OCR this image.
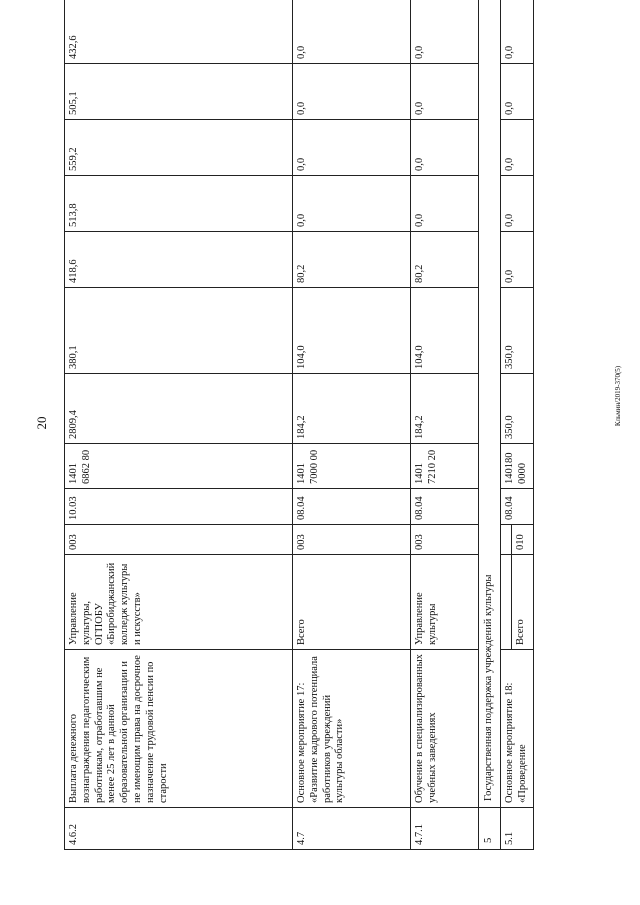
20	Кльмин/2019-370(5)
4.6.2	Выплата денежного вознаграждения педагогическим работникам, отработавшим не менее 25 лет в данной образовательной организации и не имеющим права на досрочное назначение трудовой пенсии по старости	Управление культуры, ОГПОБУ «Биробиджанский колледж культуры и искусств»	003	10.03	1401 6862 80	2809,4	380,1	418,6	513,8	559,2	505,1	432,6
4.7	Основное мероприятие 17: «Развитие кадрового потенциала работников учреждений культуры области»	Всего	003	08.04	1401 7000 00	184,2	104,0	80,2	0,0	0,0	0,0	0,0
4.7.1	Обучение в специализированных учебных заведениях	Управление культуры	003	08.04	1401 7210 20	184,2	104,0	80,2	0,0	0,0	0,0	0,0
5	Государственная поддержка учреждений культуры											
5.1	Основное мероприятие 18: «Проведение	Всего	010	08.04	140180 0000	350,0	350,0	0,0	0,0	0,0	0,0	0,0
